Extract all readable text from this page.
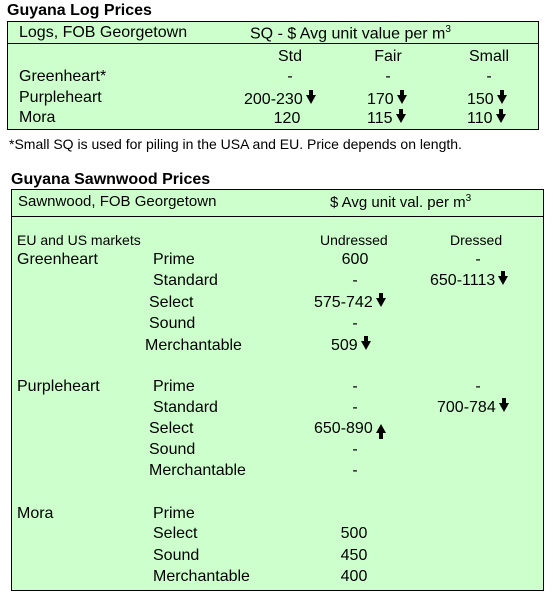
Guyana Log Prices
Logs, FOB Georgetown	SQ - $ Avg unit value per $m^3$
Std	Fair	Small
Greenheart*	-	-	-
Purpleheart	200-230	170	150
Mora	120	115	110
*Small SQ is used for piling in the USA and EU. Price depends on length.
Guyana Sawnwood Prices
Sawnwood, FOB Georgetown	$ Avg unit val. per $m^3$
EU and US markets	Undressed	Dressed
Greenheart	Prime	600	-
Standard	-	650-1113
Select	575-742
Sound	-
Merchantable	509
Purpleheart	Prime	-	-
Standard	-	700-784
Select	650-890
Sound	-
Merchantable	-
Mora	Prime
Select	500
Sound	450
Merchantable	400
